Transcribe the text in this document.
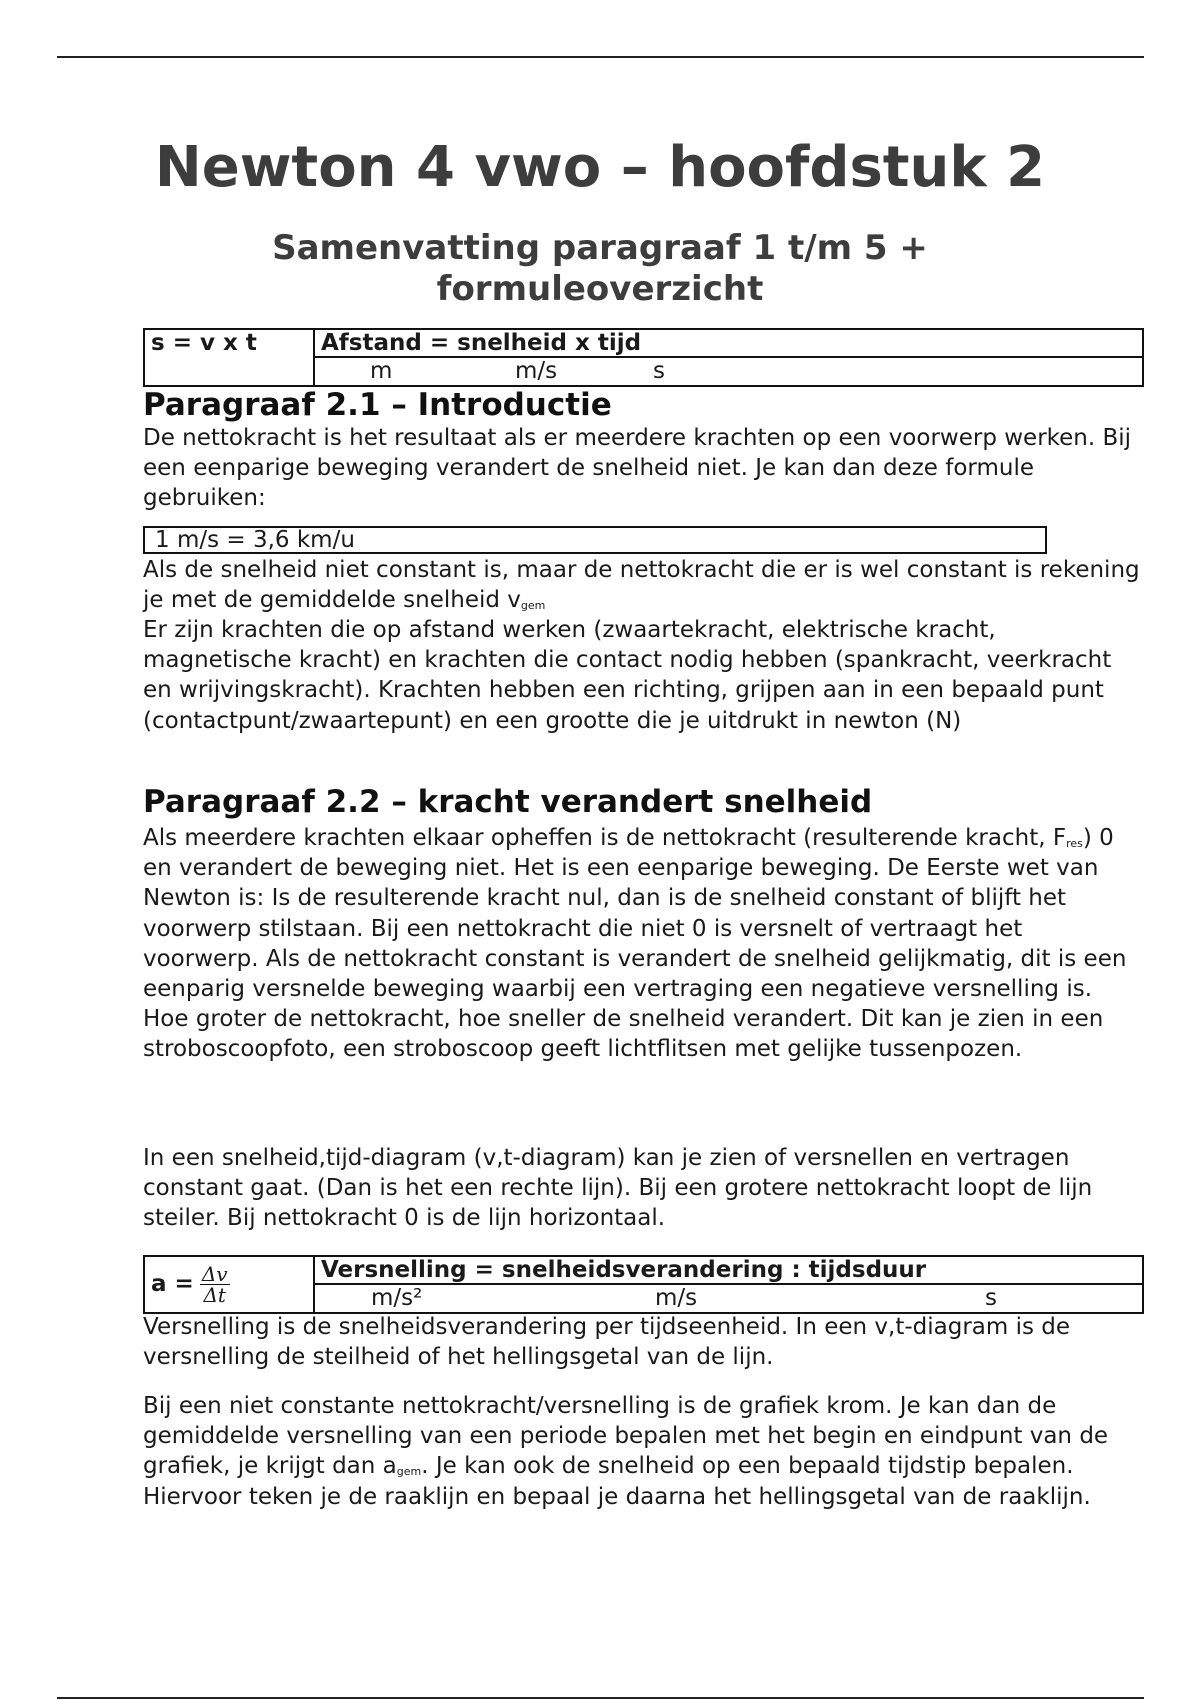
Newton 4 vwo – hoofdstuk 2
Samenvatting paragraaf 1 t/m 5 + formuleoverzicht
s = v x t	Afstand = snelheid x tijd

m	m/s	s
Paragraaf 2.1 – Introductie

De nettokracht is het resultaat als er meerdere krachten op een voorwerp werken. Bij een eenparige beweging verandert de snelheid niet. Je kan dan deze formule gebruiken:

1 m/s = 3,6 km/u

Als de snelheid niet constant is, maar de nettokracht die er is wel constant is rekening je met de gemiddelde snelheid $v_{gem}$

Er zijn krachten die op afstand werken (zwaartekracht, elektrische kracht, magnetische kracht) en krachten die contact nodig hebben (spankracht, veerkracht en wrijvingskracht). Krachten hebben een richting, grijpen aan in een bepaald punt (contactpunt/zwaartepunt) en een grootte die je uitdrukt in newton (N)

Paragraaf 2.2 – kracht verandert snelheid

Als meerdere krachten elkaar opheffen is de nettokracht (resulterende kracht, $F_{res}$) 0 en verandert de beweging niet. Het is een eenparige beweging. De Eerste wet van Newton is: Is de resulterende kracht nul, dan is de snelheid constant of blijft het voorwerp stilstaan. Bij een nettokracht die niet 0 is versnelt of vertraagt het voorwerp. Als de nettokracht constant is verandert de snelheid gelijkmatig, dit is een eenparig versnelde beweging waarbij een vertraging een negatieve versnelling is. Hoe groter de nettokracht, hoe sneller de snelheid verandert. Dit kan je zien in een stroboscoopfoto, een stroboscoop geeft lichtflitsen met gelijke tussenpozen.

In een snelheid,tijd-diagram (v,t-diagram) kan je zien of versnellen en vertragen constant gaat. (Dan is het een rechte lijn). Bij een grotere nettokracht loopt de lijn steiler. Bij nettokracht 0 is de lijn horizontaal.

$a = \frac{\Delta v}{\Delta t}$	Versnelling = snelheidsverandering : tijdsduur

m/s²	m/s	s

Versnelling is de snelheidsverandering per tijdseenheid. In een v,t-diagram is de versnelling de steilheid of het hellingsgetal van de lijn.

Bij een niet constante nettokracht/versnelling is de grafiek krom. Je kan dan de gemiddelde versnelling van een periode bepalen met het begin en eindpunt van de grafiek, je krijgt dan $a_{gem}$. Je kan ook de snelheid op een bepaald tijdstip bepalen. Hiervoor teken je de raaklijn en bepaal je daarna het hellingsgetal van de raaklijn.
